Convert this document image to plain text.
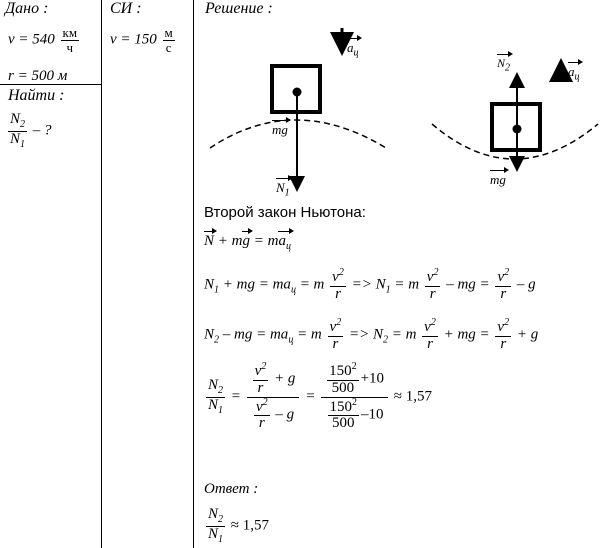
Дано :
$v = 540 \frac{км}{ч}$
r = 500 м
Найти :
$\frac{N_2}{N_1}$ – ?
СИ :
$v = 150 \frac{м}{с}$
Решение :
$a_ц$
mg
$N_1$
$N_2$	$a_ц$
mg
Второй закон Ньютона:
N + mg = $ma_ц$
$N_1$ + mg = $ma_ц = m \frac{v^2}{r} => N_1 = m \frac{v^2}{r}$ – mg = $\frac{v^2}{r}$ – g
$N_2$ – mg = $ma_ц = m \frac{v^2}{r} => N_2 = m \frac{v^2}{r}$ + mg = $\frac{v^2}{r} + g$
$\frac{N_2}{N_1} = \frac{\frac{v^2}{r} + g}{\frac{v^2}{r} - g} = \frac{\frac{150^2}{500} +10}{\frac{150^2}{500} -10} \approx 1,57$
Ответ :
$\frac{N_2}{N_1} \approx 1,57$
